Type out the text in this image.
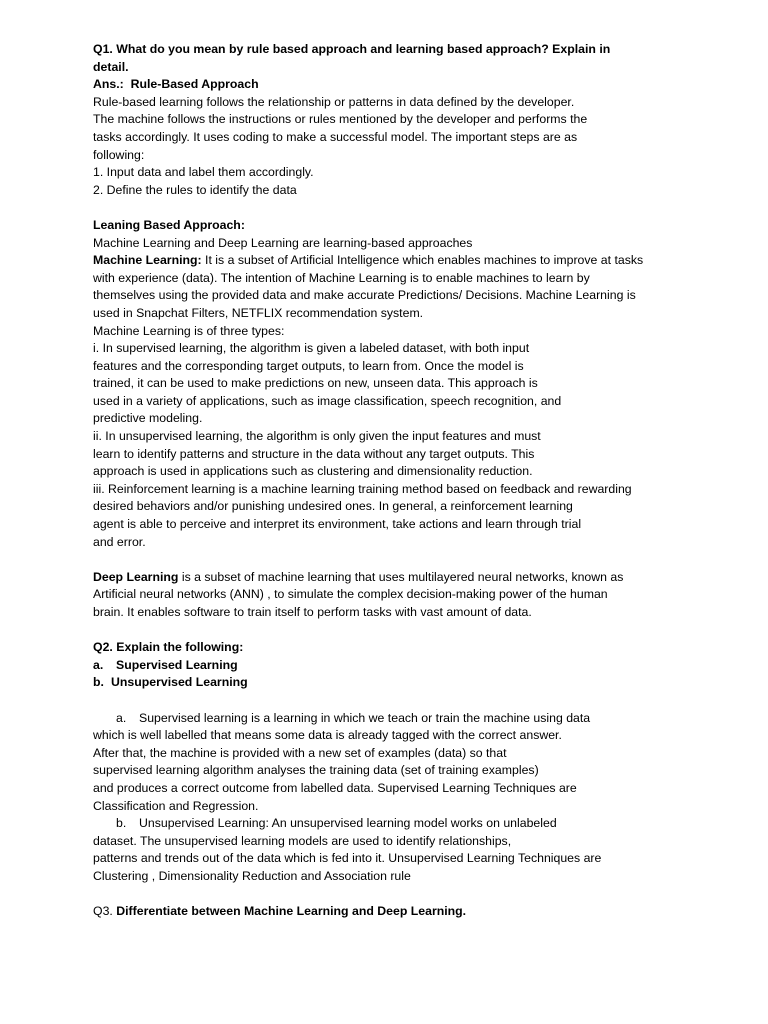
Q1. What do you mean by rule based approach and learning based approach? Explain in
detail.
Ans.: Rule-Based Approach
Rule-based learning follows the relationship or patterns in data defined by the developer.
The machine follows the instructions or rules mentioned by the developer and performs the
tasks accordingly. It uses coding to make a successful model. The important steps are as
following:
1. Input data and label them accordingly.
2. Define the rules to identify the data
Leaning Based Approach:
Machine Learning and Deep Learning are learning-based approaches
Machine Learning: It is a subset of Artificial Intelligence which enables machines to improve at tasks
with experience (data). The intention of Machine Learning is to enable machines to learn by
themselves using the provided data and make accurate Predictions/ Decisions. Machine Learning is
used in Snapchat Filters, NETFLIX recommendation system.
Machine Learning is of three types:
i. In supervised learning, the algorithm is given a labeled dataset, with both input
features and the corresponding target outputs, to learn from. Once the model is
trained, it can be used to make predictions on new, unseen data. This approach is
used in a variety of applications, such as image classification, speech recognition, and
predictive modeling.
ii. In unsupervised learning, the algorithm is only given the input features and must
learn to identify patterns and structure in the data without any target outputs. This
approach is used in applications such as clustering and dimensionality reduction.
iii. Reinforcement learning is a machine learning training method based on feedback and rewarding
desired behaviors and/or punishing undesired ones. In general, a reinforcement learning
agent is able to perceive and interpret its environment, take actions and learn through trial
and error.
Deep Learning is a subset of machine learning that uses multilayered neural networks, known as
Artificial neural networks (ANN) , to simulate the complex decision-making power of the human
brain. It enables software to train itself to perform tasks with vast amount of data.
Q2. Explain the following:
a. Supervised Learning
b. Unsupervised Learning
a. Supervised learning is a learning in which we teach or train the machine using data
which is well labelled that means some data is already tagged with the correct answer.
After that, the machine is provided with a new set of examples (data) so that
supervised learning algorithm analyses the training data (set of training examples)
and produces a correct outcome from labelled data. Supervised Learning Techniques are
Classification and Regression.
b. Unsupervised Learning: An unsupervised learning model works on unlabeled
dataset. The unsupervised learning models are used to identify relationships,
patterns and trends out of the data which is fed into it. Unsupervised Learning Techniques are
Clustering , Dimensionality Reduction and Association rule
Q3. Differentiate between Machine Learning and Deep Learning.
